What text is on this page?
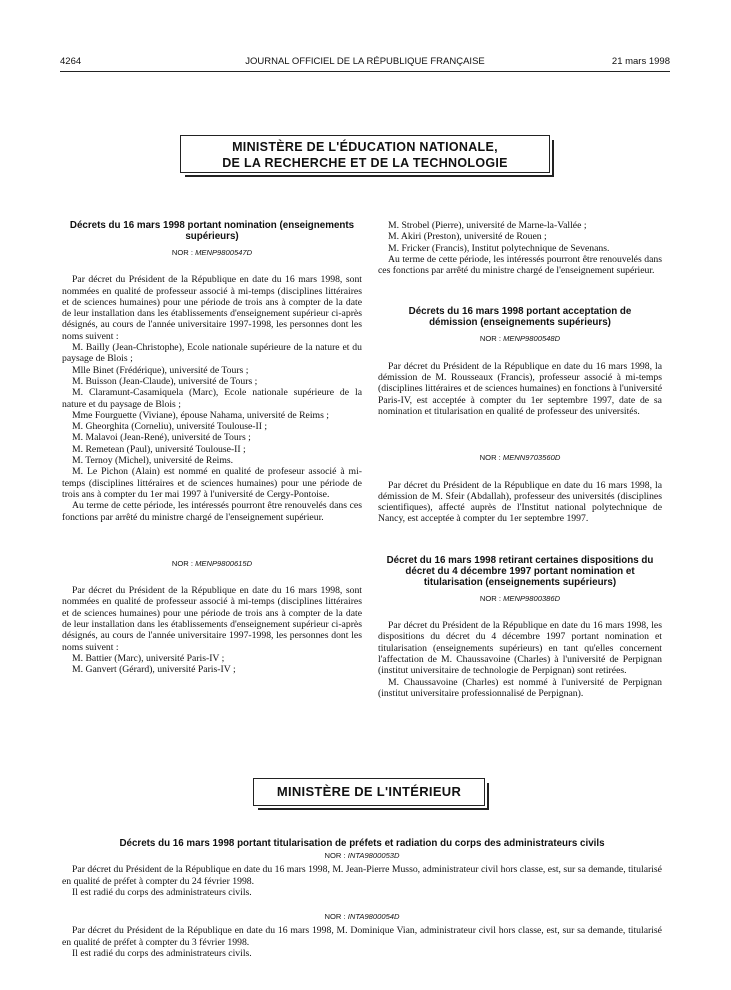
4264	JOURNAL OFFICIEL DE LA RÉPUBLIQUE FRANÇAISE	21 mars 1998
MINISTÈRE DE L'ÉDUCATION NATIONALE,
DE LA RECHERCHE ET DE LA TECHNOLOGIE
Décrets du 16 mars 1998 portant nomination (enseignements supérieurs)
NOR : MENP9800547D

Par décret du Président de la République en date du 16 mars 1998, sont nommées en qualité de professeur associé à mi-temps (disciplines littéraires et de sciences humaines) pour une période de trois ans à compter de la date de leur installation dans les établissements d'enseignement supérieur ci-après désignés, au cours de l'année universitaire 1997-1998, les personnes dont les noms suivent :

M. Bailly (Jean-Christophe), Ecole nationale supérieure de la nature et du paysage de Blois ;

Mlle Binet (Frédérique), université de Tours ;

M. Buisson (Jean-Claude), université de Tours ;

M. Claramunt-Casamiquela (Marc), Ecole nationale supérieure de la nature et du paysage de Blois ;

Mme Fourguette (Viviane), épouse Nahama, université de Reims ;

M. Gheorghita (Corneliu), université Toulouse-II ;

M. Malavoi (Jean-René), université de Tours ;

M. Remetean (Paul), université Toulouse-II ;

M. Ternoy (Michel), université de Reims.

M. Le Pichon (Alain) est nommé en qualité de profeseur associé à mi-temps (disciplines littéraires et de sciences humaines) pour une période de trois ans à compter du 1er mai 1997 à l'université de Cergy-Pontoise.

Au terme de cette période, les intéressés pourront être renouvelés dans ces fonctions par arrêté du ministre chargé de l'enseignement supérieur.

NOR : MENP9800615D

Par décret du Président de la République en date du 16 mars 1998, sont nommées en qualité de professeur associé à mi-temps (disciplines littéraires et de sciences humaines) pour une période de trois ans à compter de la date de leur installation dans les établissements d'enseignement supérieur ci-après désignés, au cours de l'année universitaire 1997-1998, les personnes dont les noms suivent :

M. Battier (Marc), université Paris-IV ;

M. Ganvert (Gérard), université Paris-IV ;

M. Strobel (Pierre), université de Marne-la-Vallée ;

M. Akiri (Preston), université de Rouen ;

M. Fricker (Francis), Institut polytechnique de Sevenans.

Au terme de cette période, les intéressés pourront être renouvelés dans ces fonctions par arrêté du ministre chargé de l'enseignement supérieur.

Décrets du 16 mars 1998 portant acceptation de démission (enseignements supérieurs)
NOR : MENP9800548D

Par décret du Président de la République en date du 16 mars 1998, la démission de M. Rousseaux (Francis), professeur associé à mi-temps (disciplines littéraires et de sciences humaines) en fonctions à l'université Paris-IV, est acceptée à compter du 1er septembre 1997, date de sa nomination et titularisation en qualité de professeur des universités.

NOR : MENN9703560D

Par décret du Président de la République en date du 16 mars 1998, la démission de M. Sfeir (Abdallah), professeur des universités (disciplines scientifiques), affecté auprès de l'Institut national polytechnique de Nancy, est acceptée à compter du 1er septembre 1997.

Décret du 16 mars 1998 retirant certaines dispositions du décret du 4 décembre 1997 portant nomination et titularisation (enseignements supérieurs)
NOR : MENP9800386D

Par décret du Président de la République en date du 16 mars 1998, les dispositions du décret du 4 décembre 1997 portant nomination et titularisation (enseignements supérieurs) en tant qu'elles concernent l'affectation de M. Chaussavoine (Charles) à l'université de Perpignan (institut universitaire de technologie de Perpignan) sont retirées.

M. Chaussavoine (Charles) est nommé à l'université de Perpignan (institut universitaire professionnalisé de Perpignan).

MINISTÈRE DE L'INTÉRIEUR
Décrets du 16 mars 1998 portant titularisation de préfets et radiation du corps des administrateurs civils
NOR : INTA9800053D

Par décret du Président de la République en date du 16 mars 1998, M. Jean-Pierre Musso, administrateur civil hors classe, est, sur sa demande, titularisé en qualité de préfet à compter du 24 février 1998.

Il est radié du corps des administrateurs civils.

NOR : INTA9800054D

Par décret du Président de la République en date du 16 mars 1998, M. Dominique Vian, administrateur civil hors classe, est, sur sa demande, titularisé en qualité de préfet à compter du 3 février 1998.

Il est radié du corps des administrateurs civils.
